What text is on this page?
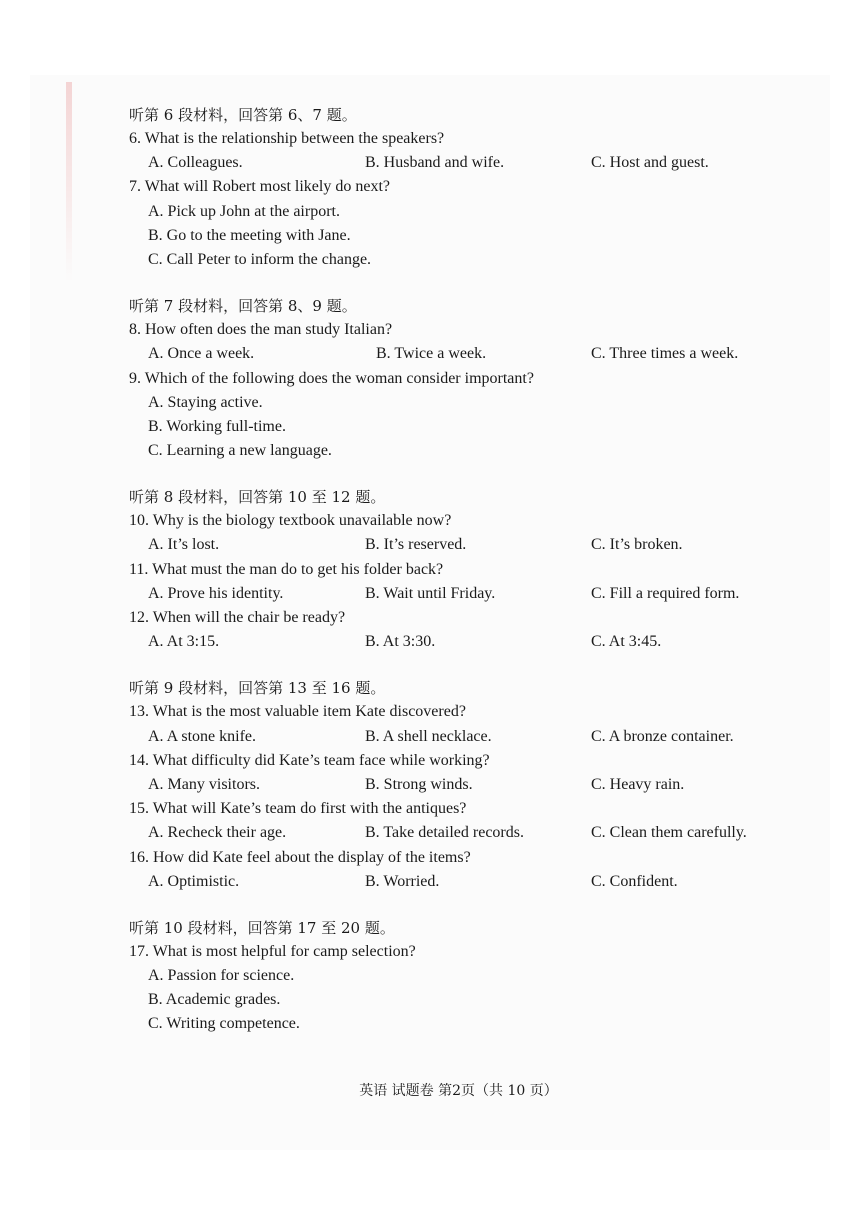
听第 6 段材料，回答第 6、7 题。
6. What is the relationship between the speakers?
A. Colleagues.	B. Husband and wife.	C. Host and guest.
7. What will Robert most likely do next?
A. Pick up John at the airport.
B. Go to the meeting with Jane.
C. Call Peter to inform the change.
听第 7 段材料，回答第 8、9 题。
8. How often does the man study Italian?
A. Once a week.	B. Twice a week.	C. Three times a week.
9. Which of the following does the woman consider important?
A. Staying active.
B. Working full-time.
C. Learning a new language.
听第 8 段材料，回答第 10 至 12 题。
10. Why is the biology textbook unavailable now?
A. It’s lost.	B. It’s reserved.	C. It’s broken.
11. What must the man do to get his folder back?
A. Prove his identity.	B. Wait until Friday.	C. Fill a required form.
12. When will the chair be ready?
A. At 3:15.	B. At 3:30.	C. At 3:45.
听第 9 段材料，回答第 13 至 16 题。
13. What is the most valuable item Kate discovered?
A. A stone knife.	B. A shell necklace.	C. A bronze container.
14. What difficulty did Kate’s team face while working?
A. Many visitors.	B. Strong winds.	C. Heavy rain.
15. What will Kate’s team do first with the antiques?
A. Recheck their age.	B. Take detailed records.	C. Clean them carefully.
16. How did Kate feel about the display of the items?
A. Optimistic.	B. Worried.	C. Confident.
听第 10 段材料，回答第 17 至 20 题。
17. What is most helpful for camp selection?
A. Passion for science.
B. Academic grades.
C. Writing competence.
英语 试题卷 第2页（共 10 页）
